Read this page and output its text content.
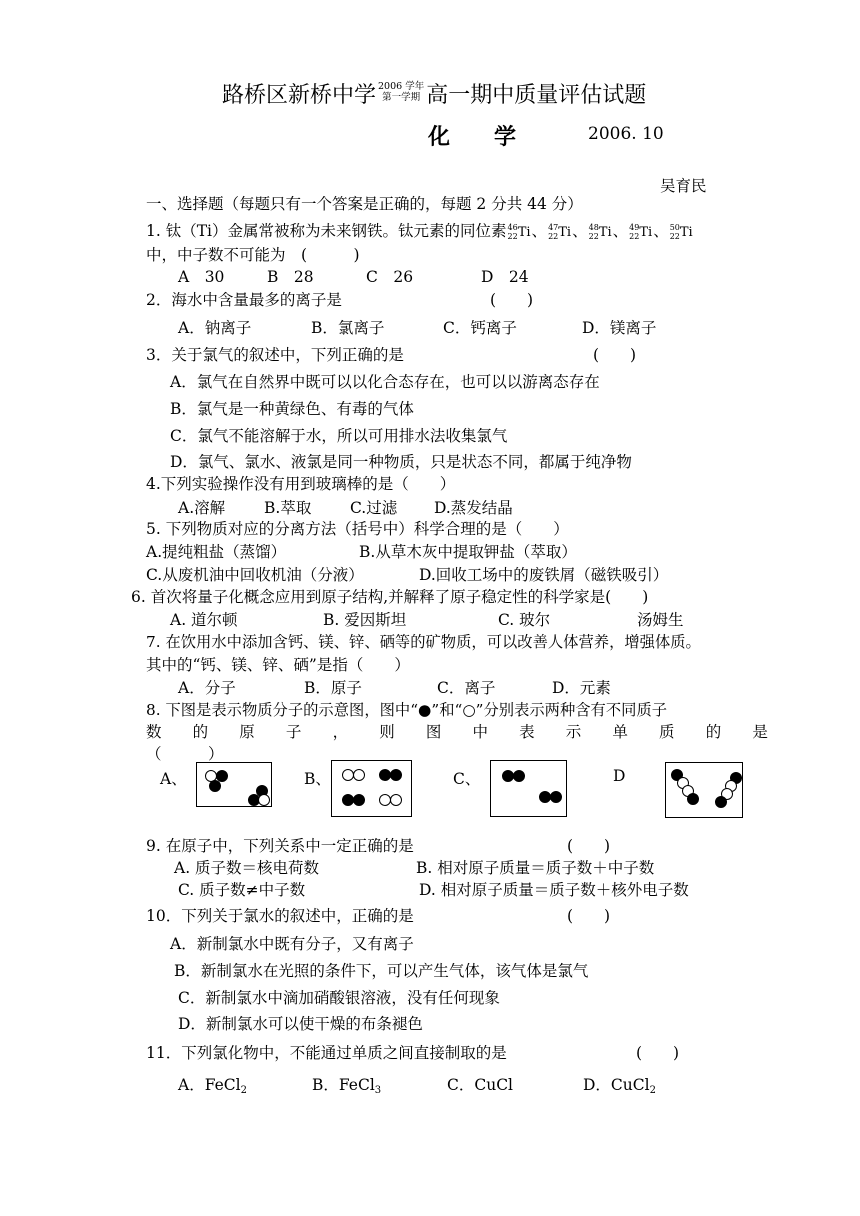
路桥区新桥中学 2006 学年
第一学期 高一期中质量评估试题
化 学	2006. 10
吴育民
一、选择题（每题只有一个答案是正确的，每题 2 分共 44 分）
1. 钛（Ti）金属常被称为未来钢铁。钛元素的同位素46
22Ti、47
22Ti、48
22Ti、49
22Ti、50
22Ti
中，中子数不可能为　(　　　)
A　30	B　28	C　26	D　24
2．海水中含量最多的离子是	(　　)
A．钠离子	B．氯离子	C．钙离子	D．镁离子
3．关于氯气的叙述中，下列正确的是	(　　)
A．氯气在自然界中既可以以化合态存在，也可以以游离态存在
B．氯气是一种黄绿色、有毒的气体
C．氯气不能溶解于水，所以可用排水法收集氯气
D．氯气、氯水、液氯是同一种物质，只是状态不同，都属于纯净物
4.下列实验操作没有用到玻璃棒的是（　　）
A.溶解	B.萃取 C.过滤 D.蒸发结晶
5. 下列物质对应的分离方法（括号中）科学合理的是（　　）
A.提纯粗盐（蒸馏）	B.从草木灰中提取钾盐（萃取）
C.从废机油中回收机油（分液）	D.回收工场中的废铁屑（磁铁吸引）
6. 首次将量子化概念应用到原子结构,并解释了原子稳定性的科学家是(　　)
A. 道尔顿	B. 爱因斯坦	C. 玻尔	汤姆生
7. 在饮用水中添加含钙、镁、锌、硒等的矿物质，可以改善人体营养，增强体质。
其中的“钙、镁、锌、硒”是指（　　）
A．分子	B．原子	C．离子	D．元素
8. 下图是表示物质分子的示意图，图中“●”和“○”分别表示两种含有不同质子
数 的 原 子 ， 则 图 中 表 示 单 质 的 是
（　　　）
A、	B、	C、	D
9. 在原子中，下列关系中一定正确的是	(　　)
A. 质子数＝核电荷数	B. 相对原子质量＝质子数＋中子数
C. 质子数≠中子数	D. 相对原子质量＝质子数＋核外电子数
10．下列关于氯水的叙述中，正确的是	(　　)
A．新制氯水中既有分子，又有离子
B．新制氯水在光照的条件下，可以产生气体，该气体是氯气
C．新制氯水中滴加硝酸银溶液，没有任何现象
D．新制氯水可以使干燥的布条褪色
11．下列氯化物中，不能通过单质之间直接制取的是	(　　)
A．FeCl$_2$	B．FeCl$_3$	C．CuCl	D．CuCl$_2$
